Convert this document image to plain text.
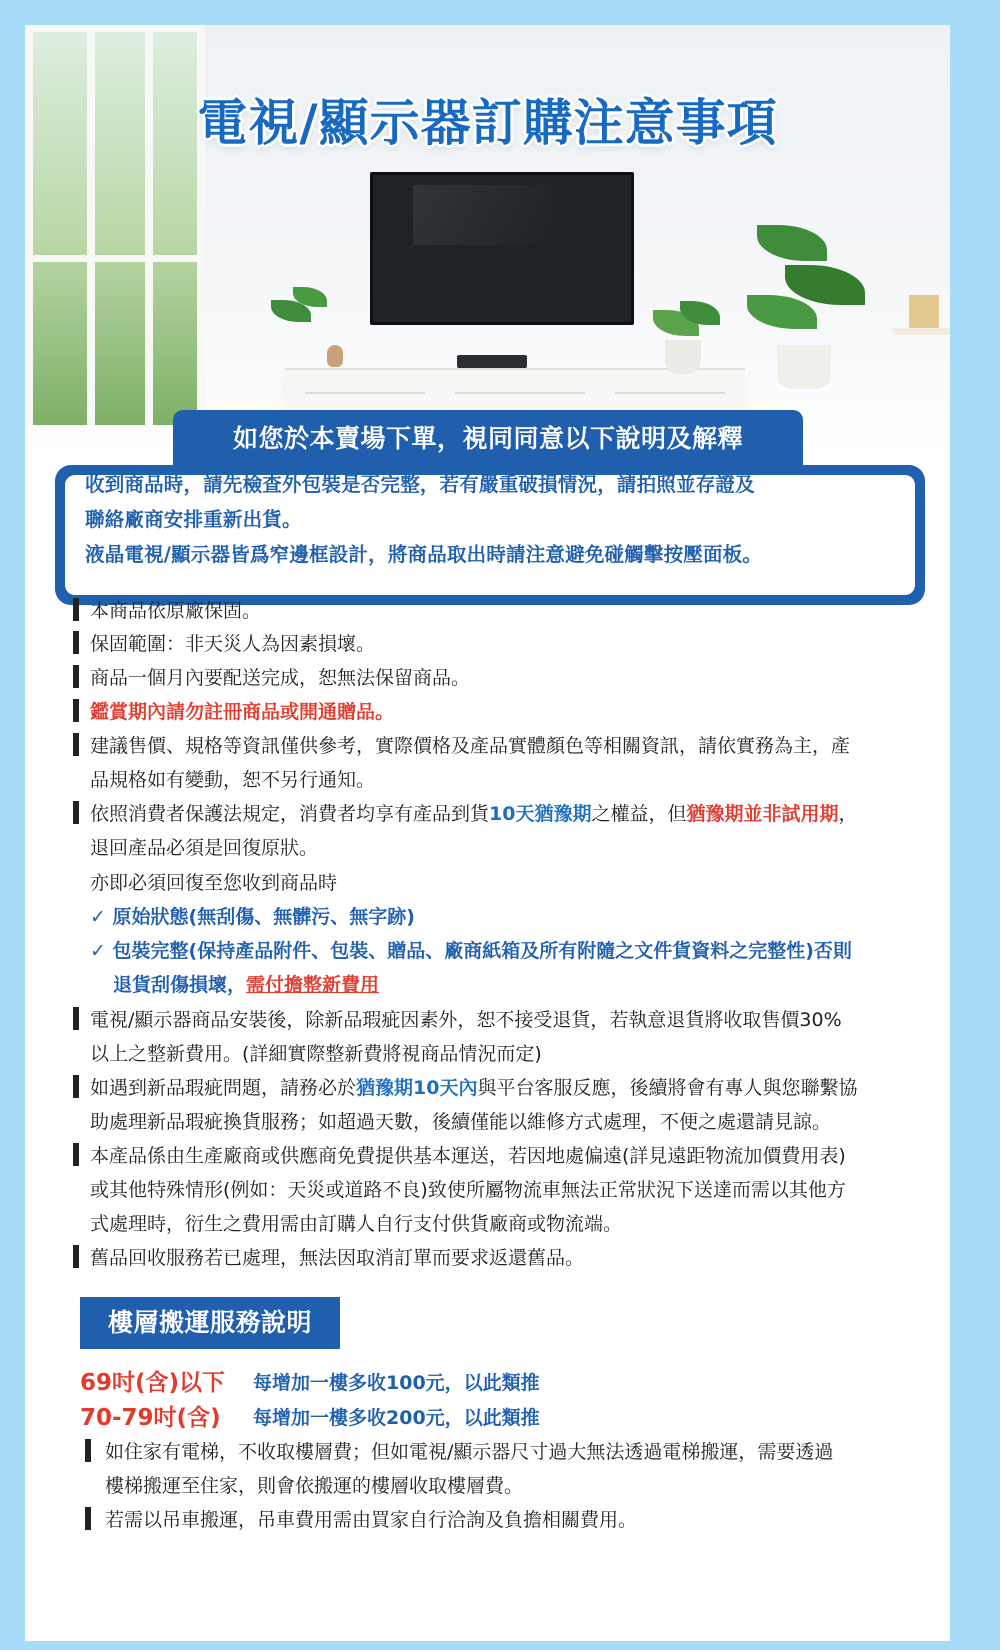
電視/顯示器訂購注意事項
如您於本賣場下單，視同同意以下說明及解釋
收到商品時，請先檢查外包裝是否完整，若有嚴重破損情況，請拍照並存證及
聯絡廠商安排重新出貨。
液晶電視/顯示器皆爲窄邊框設計，將商品取出時請注意避免碰觸擊按壓面板。
本商品依原廠保固。
保固範圍：非天災人為因素損壞。
商品一個月內要配送完成，恕無法保留商品。
鑑賞期內請勿註冊商品或開通贈品。
建議售價、規格等資訊僅供參考，實際價格及產品實體顏色等相關資訊，請依實務為主，產
品規格如有變動，恕不另行通知。
依照消費者保護法規定，消費者均享有產品到貨10天猶豫期之權益，但猶豫期並非試用期，
退回產品必須是回復原狀。
亦即必須回復至您收到商品時
✓ 原始狀態(無刮傷、無髒污、無字跡)
✓ 包裝完整(保持產品附件、包裝、贈品、廠商紙箱及所有附隨之文件貨資料之完整性)否則
退貨刮傷損壞，需付擔整新費用
電視/顯示器商品安裝後，除新品瑕疵因素外，恕不接受退貨，若執意退貨將收取售價30%
以上之整新費用。(詳細實際整新費將視商品情況而定)
如遇到新品瑕疵問題，請務必於猶豫期10天內與平台客服反應，後續將會有專人與您聯繫協
助處理新品瑕疵換貨服務；如超過天數，後續僅能以維修方式處理，不便之處還請見諒。
本產品係由生產廠商或供應商免費提供基本運送，若因地處偏遠(詳見遠距物流加價費用表)
或其他特殊情形(例如：天災或道路不良)致使所屬物流車無法正常狀況下送達而需以其他方
式處理時，衍生之費用需由訂購人自行支付供貨廠商或物流端。
舊品回收服務若已處理，無法因取消訂單而要求返還舊品。
樓層搬運服務說明
69吋(含)以下 每增加一樓多收100元，以此類推
70-79吋(含) 每增加一樓多收200元，以此類推
如住家有電梯，不收取樓層費；但如電視/顯示器尺寸過大無法透過電梯搬運，需要透過
樓梯搬運至住家，則會依搬運的樓層收取樓層費。
若需以吊車搬運，吊車費用需由買家自行洽詢及負擔相關費用。
